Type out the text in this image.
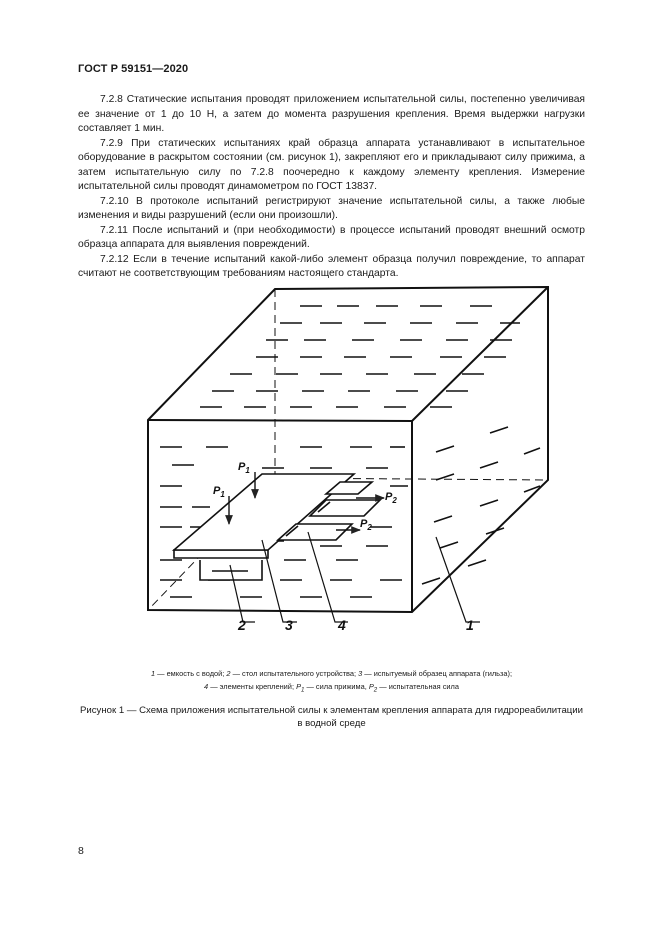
ГОСТ Р 59151—2020

7.2.8 Статические испытания проводят приложением испытательной силы, постепенно увеличивая ее значение от 1 до 10 Н, а затем до момента разрушения крепления. Время выдержки нагрузки составляет 1 мин.

7.2.9 При статических испытаниях край образца аппарата устанавливают в испытательное оборудование в раскрытом состоянии (см. рисунок 1), закрепляют его и прикладывают силу прижима, а затем испытательную силу по 7.2.8 поочередно к каждому элементу крепления. Измерение испытательной силы проводят динамометром по ГОСТ 13837.

7.2.10 В протоколе испытаний регистрируют значение испытательной силы, а также любые изменения и виды разрушений (если они произошли).

7.2.11 После испытаний и (при необходимости) в процессе испытаний проводят внешний осмотр образца аппарата для выявления повреждений.

7.2.12 Если в течение испытаний какой-либо элемент образца получил повреждение, то аппарат считают не соответствующим требованиям настоящего стандарта.

$P_1$
$P_1$	$P_2$
$P_2$
2	3	4	1
1 — емкость с водой; 2 — стол испытательного устройства; 3 — испытуемый образец аппарата (гильза);
4 — элементы креплений; $P_1$ — сила прижима, $P_2$ — испытательная сила
Рисунок 1 — Схема приложения испытательной силы к элементам крепления аппарата для гидрореабилитации в водной среде
8
